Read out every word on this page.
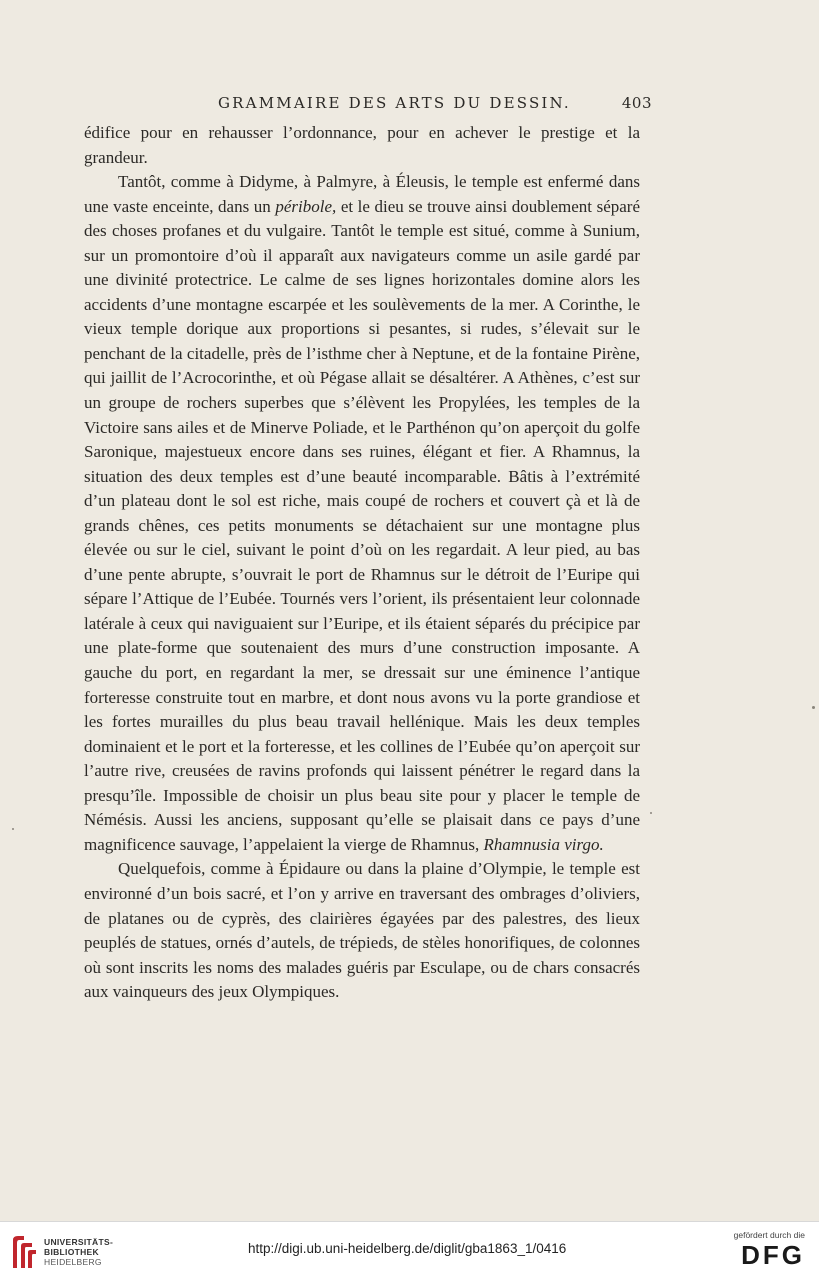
GRAMMAIRE DES ARTS DU DESSIN.	403

édifice pour en rehausser l’ordonnance, pour en achever le prestige et la grandeur.

Tantôt, comme à Didyme, à Palmyre, à Éleusis, le temple est enfermé dans une vaste enceinte, dans un péribole, et le dieu se trouve ainsi doublement séparé des choses profanes et du vulgaire. Tantôt le temple est situé, comme à Sunium, sur un promontoire d’où il apparaît aux navigateurs comme un asile gardé par une divinité protectrice. Le calme de ses lignes horizontales domine alors les accidents d’une montagne escarpée et les soulèvements de la mer. A Corinthe, le vieux temple dorique aux proportions si pesantes, si rudes, s’élevait sur le penchant de la citadelle, près de l’isthme cher à Neptune, et de la fontaine Pirène, qui jaillit de l’Acrocorinthe, et où Pégase allait se désaltérer. A Athènes, c’est sur un groupe de rochers superbes que s’élèvent les Propylées, les temples de la Victoire sans ailes et de Minerve Poliade, et le Parthénon qu’on aperçoit du golfe Saronique, majestueux encore dans ses ruines, élégant et fier. A Rhamnus, la situation des deux temples est d’une beauté incomparable. Bâtis à l’extrémité d’un plateau dont le sol est riche, mais coupé de rochers et couvert çà et là de grands chênes, ces petits monuments se détachaient sur une montagne plus élevée ou sur le ciel, suivant le point d’où on les regardait. A leur pied, au bas d’une pente abrupte, s’ouvrait le port de Rhamnus sur le détroit de l’Euripe qui sépare l’Attique de l’Eubée. Tournés vers l’orient, ils présentaient leur colonnade latérale à ceux qui naviguaient sur l’Euripe, et ils étaient séparés du précipice par une plate-forme que soutenaient des murs d’une construction imposante. A gauche du port, en regardant la mer, se dressait sur une éminence l’antique forteresse construite tout en marbre, et dont nous avons vu la porte grandiose et les fortes murailles du plus beau travail hellénique. Mais les deux temples dominaient et le port et la forteresse, et les collines de l’Eubée qu’on aperçoit sur l’autre rive, creusées de ravins profonds qui laissent pénétrer le regard dans la presqu’île. Impossible de choisir un plus beau site pour y placer le temple de Némésis. Aussi les anciens, supposant qu’elle se plaisait dans ce pays d’une magnificence sauvage, l’appelaient la vierge de Rhamnus, Rhamnusia virgo.

Quelquefois, comme à Épidaure ou dans la plaine d’Olympie, le temple est environné d’un bois sacré, et l’on y arrive en traversant des ombrages d’oliviers, de platanes ou de cyprès, des clairières égayées par des palestres, des lieux peuplés de statues, ornés d’autels, de trépieds, de stèles honorifiques, de colonnes où sont inscrits les noms des malades guéris par Esculape, ou de chars consacrés aux vainqueurs des jeux Olympiques.

UNIVERSITÄTS-
BIBLIOTHEK
HEIDELBERG
http://digi.ub.uni-heidelberg.de/diglit/gba1863_1/0416
gefördert durch die
DFG
